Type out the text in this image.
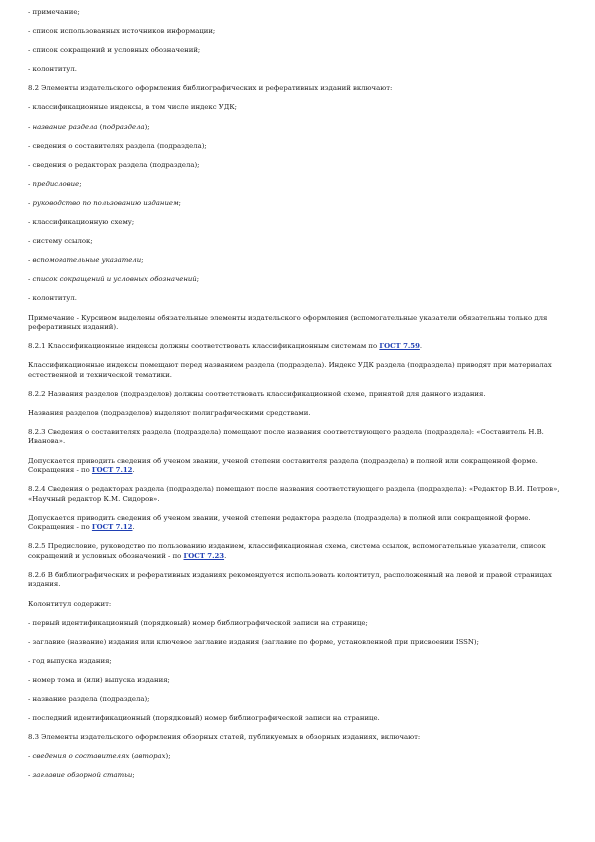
- примечание;

- список использованных источников информации;

- список сокращений и условных обозначений;

- колонтитул.

8.2 Элементы издательского оформления библиографических и реферативных изданий включают:

- классификационные индексы, в том числе индекс УДК;

- название раздела (подраздела);

- сведения о составителях раздела (подраздела);

- сведения о редакторах раздела (подраздела);

- предисловие;

- руководство по пользованию изданием;

- классификационную схему;

- систему ссылок;

- вспомогательные указатели;

- список сокращений и условных обозначений;

- колонтитул.

Примечание - Курсивом выделены обязательные элементы издательского оформления (вспомогательные указатели обязательны только для реферативных изданий).

8.2.1 Классификационные индексы должны соответствовать классификационным системам по ГОСТ 7.59.

Классификационные индексы помещают перед названием раздела (подраздела). Индекс УДК раздела (подраздела) приводят при материалах естественной и технической тематики.

8.2.2 Названия разделов (подразделов) должны соответствовать классификационной схеме, принятой для данного издания.

Названия разделов (подразделов) выделяют полиграфическими средствами.

8.2.3 Сведения о составителях раздела (подраздела) помещают после названия соответствующего раздела (подраздела): «Составитель Н.В. Иванова».

Допускается приводить сведения об ученом звании, ученой степени составителя раздела (подраздела) в полной или сокращенной форме. Сокращения - по ГОСТ 7.12.

8.2.4 Сведения о редакторах раздела (подраздела) помещают после названия соответствующего раздела (подраздела): «Редактор В.И. Петров», «Научный редактор К.М. Сидоров».

Допускается приводить сведения об ученом звании, ученой степени редактора раздела (подраздела) в полной или сокращенной форме. Сокращения - по ГОСТ 7.12.

8.2.5 Предисловие, руководство по пользованию изданием, классификационная схема, система ссылок, вспомогательные указатели, список сокращений и условных обозначений - по ГОСТ 7.23.

8.2.6 В библиографических и реферативных изданиях рекомендуется использовать колонтитул, расположенный на левой и правой страницах издания.

Колонтитул содержит:

- первый идентификационный (порядковый) номер библиографической записи на странице;

- заглавие (название) издания или ключевое заглавие издания (заглавие по форме, установленной при присвоении ISSN);

- год выпуска издания;

- номер тома и (или) выпуска издания;

- название раздела (подраздела);

- последний идентификационный (порядковый) номер библиографической записи на странице.

8.3 Элементы издательского оформления обзорных статей, публикуемых в обзорных изданиях, включают:

- сведения о составителях (авторах);

- заглавие обзорной статьи;
